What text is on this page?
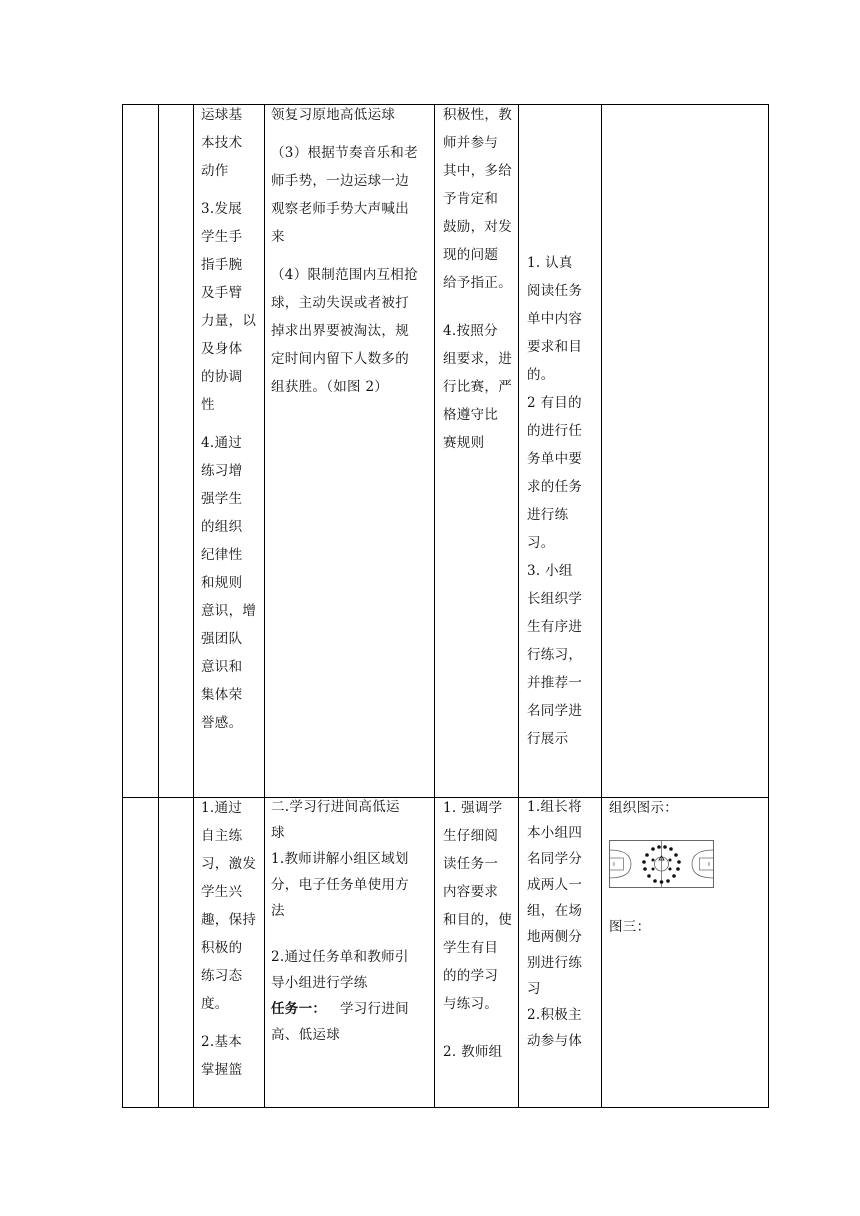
运球基

本技术

动作

3.发展

学生手

指手腕

及手臂

力量，以

及身体

的协调

性

4.通过

练习增

强学生

的组织

纪律性

和规则

意识，增

强团队

意识和

集体荣

誉感。

领复习原地高低运球

（3）根据节奏音乐和老

师手势，一边运球一边

观察老师手势大声喊出

来

（4）限制范围内互相抢

球，主动失误或者被打

掉求出界要被淘汰，规

定时间内留下人数多的

组获胜。（如图 2）

积极性，教

师并参与

其中，多给

予肯定和

鼓励，对发

现的问题

给予指正。

4.按照分

组要求，进

行比赛，严

格遵守比

赛规则

1. 认真

阅读任务

单中内容

要求和目

的。

2 有目的

的进行任

务单中要

求的任务

进行练

习。

3. 小组

长组织学

生有序进

行练习，

并推荐一

名同学进

行展示

1.通过

自主练

习，激发

学生兴

趣，保持

积极的

练习态

度。

2.基本

掌握篮

二.学习行进间高低运

球

1.教师讲解小组区域划

分，电子任务单使用方

法

2.通过任务单和教师引

导小组进行学练

任务一： 学习行进间

高、低运球

1. 强调学

生仔细阅

读任务一

内容要求

和目的，使

学生有目

的的学习

与练习。

2. 教师组

1.组长将

本小组四

名同学分

成两人一

组，在场

地两侧分

别进行练

习

2.积极主

动参与体

组织图示：

图三：
